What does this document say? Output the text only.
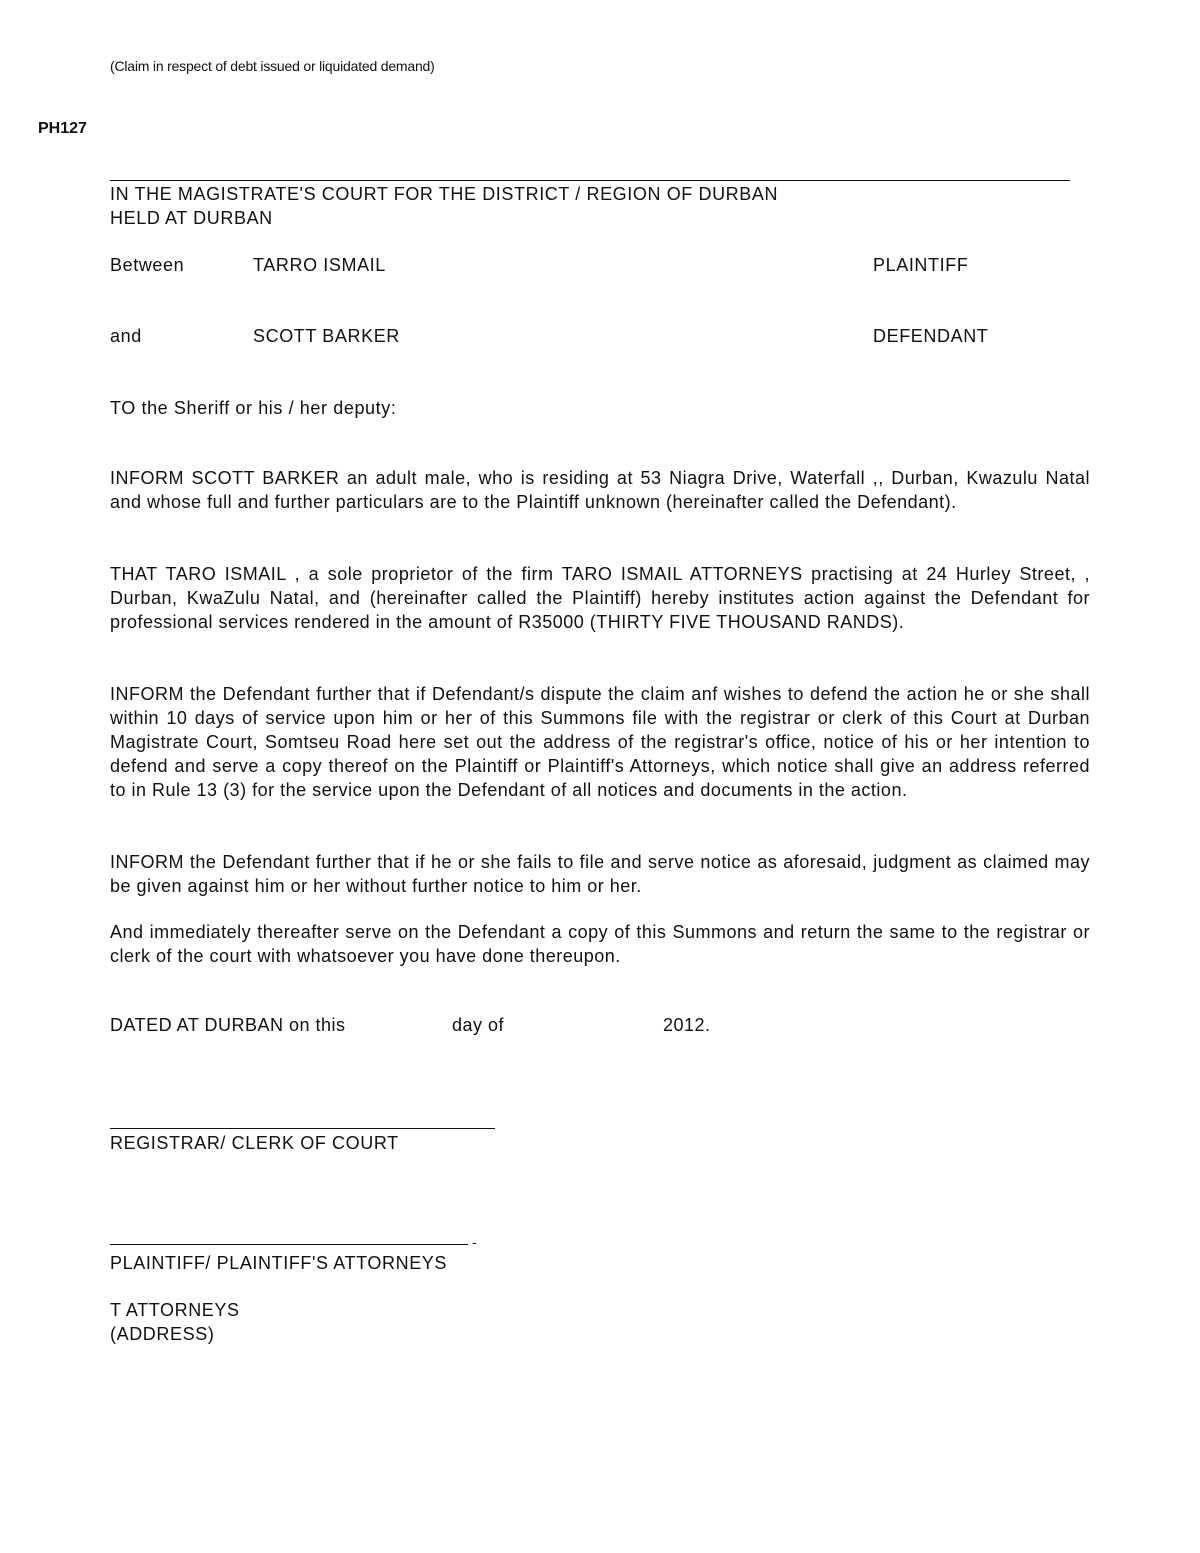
(Claim in respect of debt issued or liquidated demand)
PH127
IN THE MAGISTRATE'S COURT FOR THE DISTRICT / REGION OF DURBAN
HELD AT DURBAN
Between	TARRO ISMAIL	PLAINTIFF
and	SCOTT BARKER	DEFENDANT
TO the Sheriff or his / her deputy:
INFORM SCOTT BARKER an adult male, who is residing at 53 Niagra Drive, Waterfall ,, Durban, Kwazulu Natal and whose full and further particulars are to the Plaintiff unknown (hereinafter called the Defendant).
THAT TARO ISMAIL , a sole proprietor of the firm TARO ISMAIL ATTORNEYS practising at 24 Hurley Street, , Durban, KwaZulu Natal, and (hereinafter called the Plaintiff) hereby institutes action against the Defendant for professional services rendered in the amount of R35000 (THIRTY FIVE THOUSAND RANDS).
INFORM the Defendant further that if Defendant/s dispute the claim anf wishes to defend the action he or she shall within 10 days of service upon him or her of this Summons file with the registrar or clerk of this Court at Durban Magistrate Court, Somtseu Road here set out the address of the registrar's office, notice of his or her intention to defend and serve a copy thereof on the Plaintiff or Plaintiff's Attorneys, which notice shall give an address referred to in Rule 13 (3) for the service upon the Defendant of all notices and documents in the action.
INFORM the Defendant further that if he or she fails to file and serve notice as aforesaid, judgment as claimed may be given against him or her without further notice to him or her.
And immediately thereafter serve on the Defendant a copy of this Summons and return the same to the registrar or clerk of the court with whatsoever you have done thereupon.
DATED AT DURBAN on this	day of	2012.
REGISTRAR/ CLERK OF COURT
-
PLAINTIFF/ PLAINTIFF'S ATTORNEYS
T ATTORNEYS
(ADDRESS)
